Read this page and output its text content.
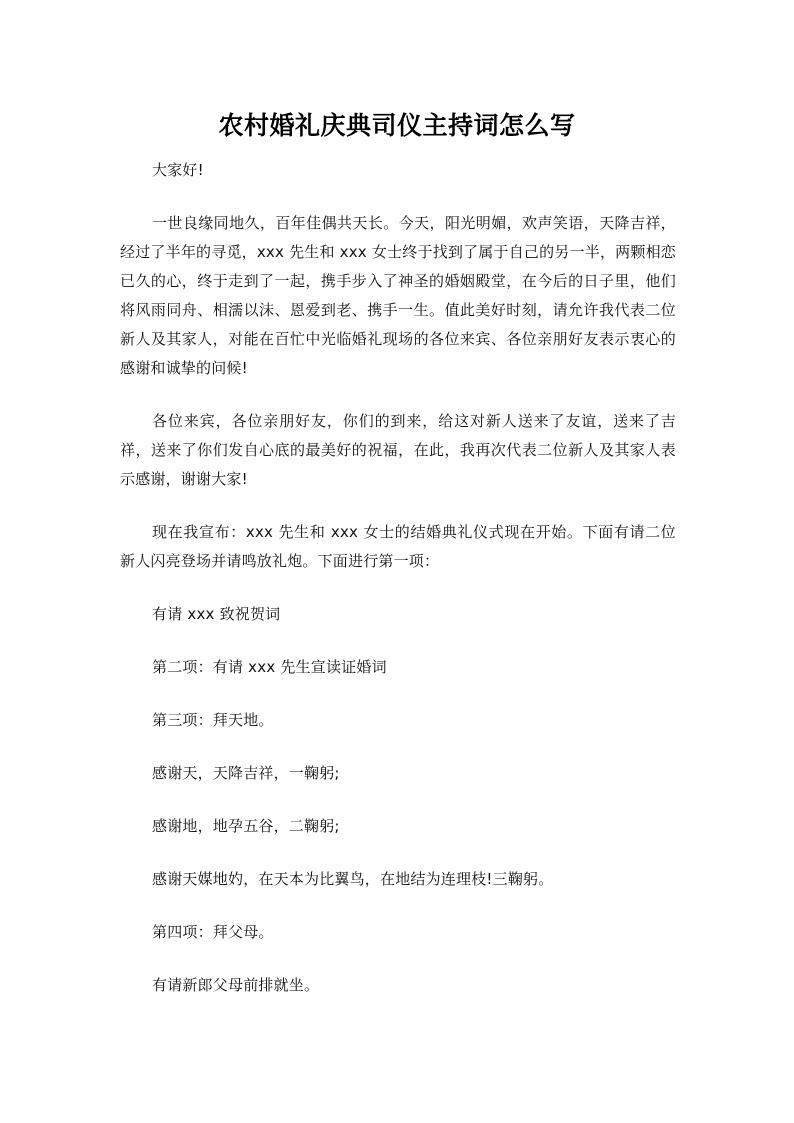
农村婚礼庆典司仪主持词怎么写

大家好!

一世良缘同地久，百年佳偶共天长。今天，阳光明媚，欢声笑语，天降吉祥，经过了半年的寻觅，xxx 先生和 xxx 女士终于找到了属于自己的另一半，两颗相恋已久的心，终于走到了一起，携手步入了神圣的婚姻殿堂，在今后的日子里，他们将风雨同舟、相濡以沫、恩爱到老、携手一生。值此美好时刻，请允许我代表二位新人及其家人，对能在百忙中光临婚礼现场的各位来宾、各位亲朋好友表示衷心的感谢和诚挚的问候!

各位来宾，各位亲朋好友，你们的到来，给这对新人送来了友谊，送来了吉祥，送来了你们发自心底的最美好的祝福，在此，我再次代表二位新人及其家人表示感谢，谢谢大家!

现在我宣布：xxx 先生和 xxx 女士的结婚典礼仪式现在开始。下面有请二位新人闪亮登场并请鸣放礼炮。下面进行第一项：

有请 xxx 致祝贺词

第二项：有请 xxx 先生宣读证婚词

第三项：拜天地。

感谢天，天降吉祥，一鞠躬;

感谢地，地孕五谷，二鞠躬;

感谢天媒地妁，在天本为比翼鸟，在地结为连理枝!三鞠躬。

第四项：拜父母。

有请新郎父母前排就坐。
